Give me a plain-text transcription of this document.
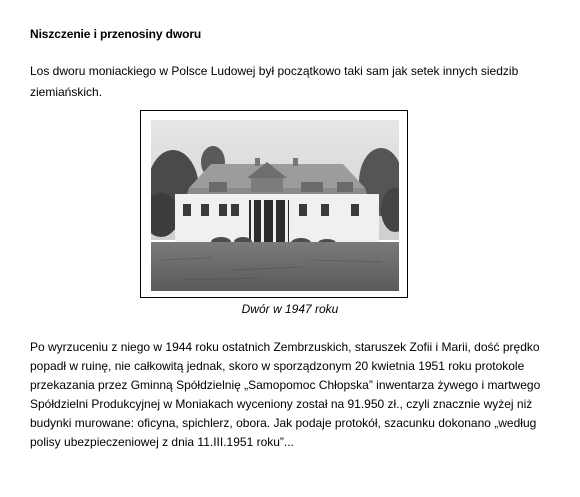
Niszczenie i przenosiny dworu

Los dworu moniackiego w Polsce Ludowej był początkowo taki sam jak setek innych siedzib ziemiańskich.

Dwór w 1947 roku

Po wyrzuceniu z niego w 1944 roku ostatnich Zembrzuskich, staruszek Zofii i Marii, dość prędko popadł w ruinę, nie całkowitą jednak, skoro w sporządzonym 20 kwietnia 1951 roku protokole przekazania przez Gminną Spółdzielnię „Samopomoc Chłopska” inwentarza żywego i martwego Spółdzielni Produkcyjnej w Moniakach wyceniony został na 91.950 zł., czyli znacznie wyżej niż budynki murowane: oficyna, spichlerz, obora. Jak podaje protokół, szacunku dokonano „według polisy ubezpieczeniowej z dnia 11.III.1951 roku”...
